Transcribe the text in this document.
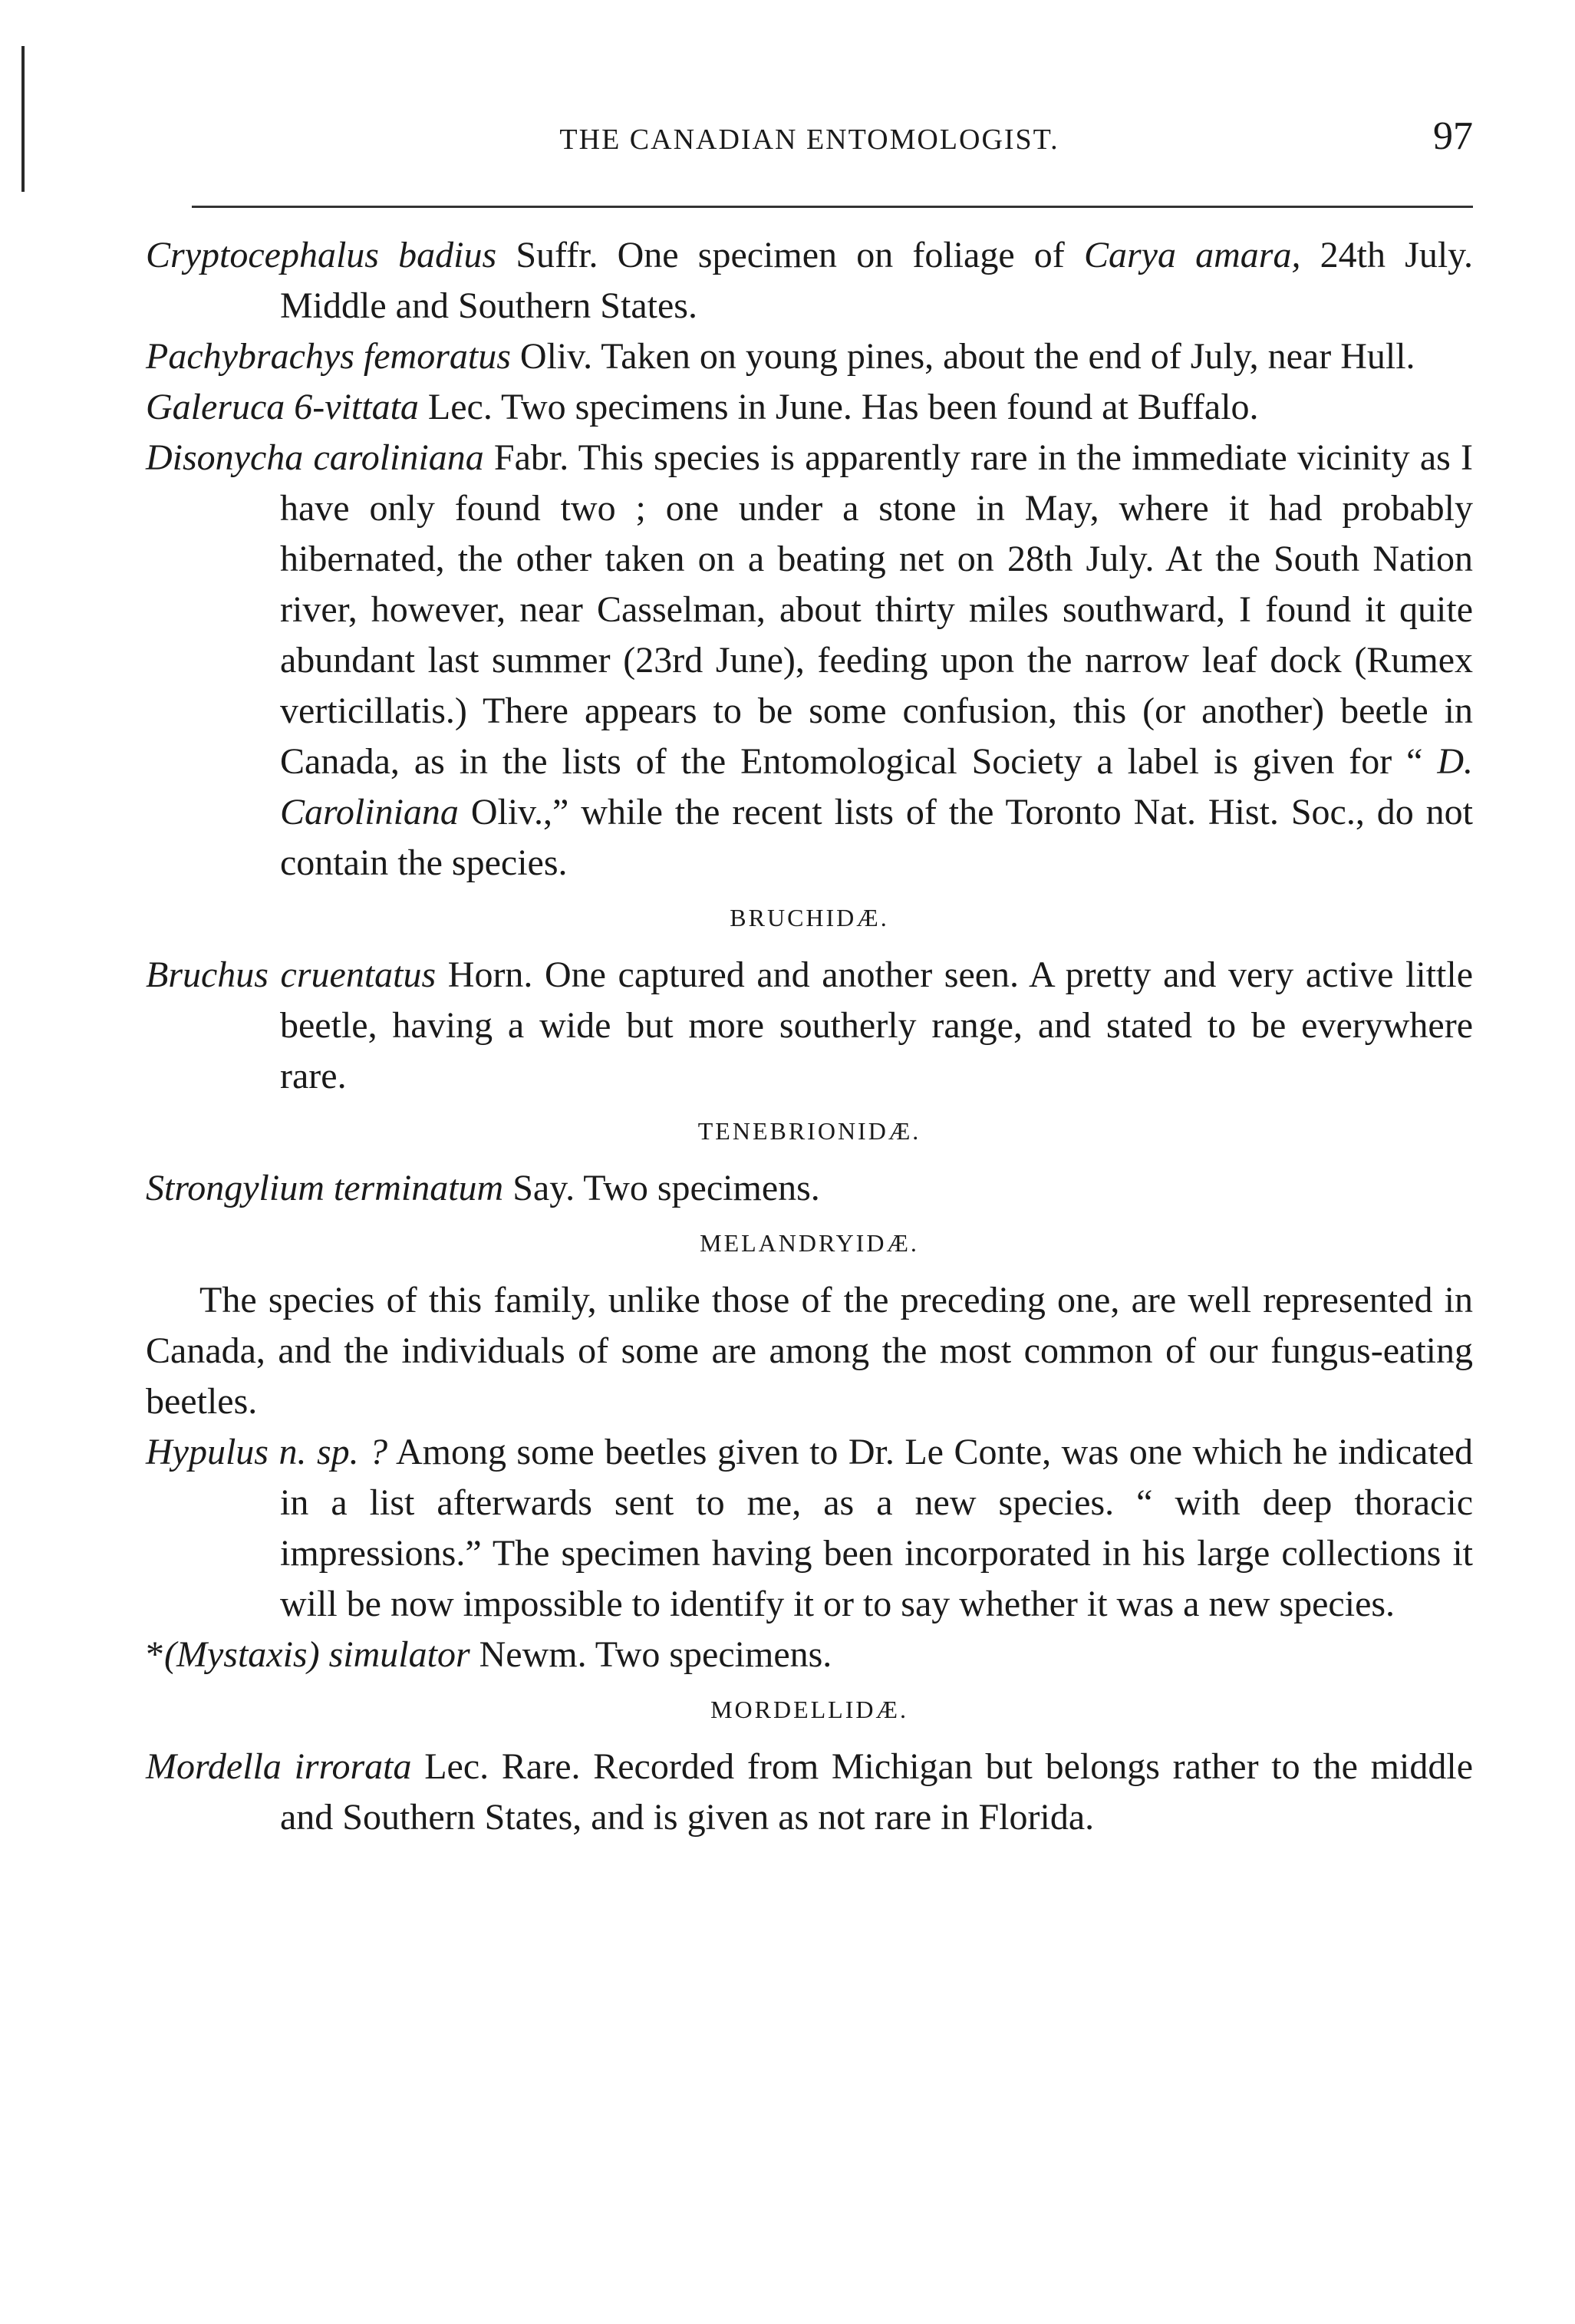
THE CANADIAN ENTOMOLOGIST.	97

Cryptocephalus badius Suffr. One specimen on foliage of Carya amara, 24th July. Middle and Southern States.

Pachybrachys femoratus Oliv. Taken on young pines, about the end of July, near Hull.

Galeruca 6-vittata Lec. Two specimens in June. Has been found at Buffalo.

Disonycha caroliniana Fabr. This species is apparently rare in the immediate vicinity as I have only found two ; one under a stone in May, where it had probably hibernated, the other taken on a beating net on 28th July. At the South Nation river, however, near Casselman, about thirty miles southward, I found it quite abundant last summer (23rd June), feeding upon the narrow leaf dock (Rumex verticillatis.) There appears to be some confusion, this (or another) beetle in Canada, as in the lists of the Entomological Society a label is given for “ D. Caroliniana Oliv.,” while the recent lists of the Toronto Nat. Hist. Soc., do not contain the species.

BRUCHIDÆ.

Bruchus cruentatus Horn. One captured and another seen. A pretty and very active little beetle, having a wide but more southerly range, and stated to be everywhere rare.

TENEBRIONIDÆ.

Strongylium terminatum Say. Two specimens.

MELANDRYIDÆ.

The species of this family, unlike those of the preceding one, are well represented in Canada, and the individuals of some are among the most common of our fungus-eating beetles.

Hypulus n. sp. ? Among some beetles given to Dr. Le Conte, was one which he indicated in a list afterwards sent to me, as a new species. “ with deep thoracic impressions.” The specimen having been incorporated in his large collections it will be now impossible to identify it or to say whether it was a new species.

*(Mystaxis) simulator Newm. Two specimens.

MORDELLIDÆ.

Mordella irrorata Lec. Rare. Recorded from Michigan but belongs rather to the middle and Southern States, and is given as not rare in Florida.
